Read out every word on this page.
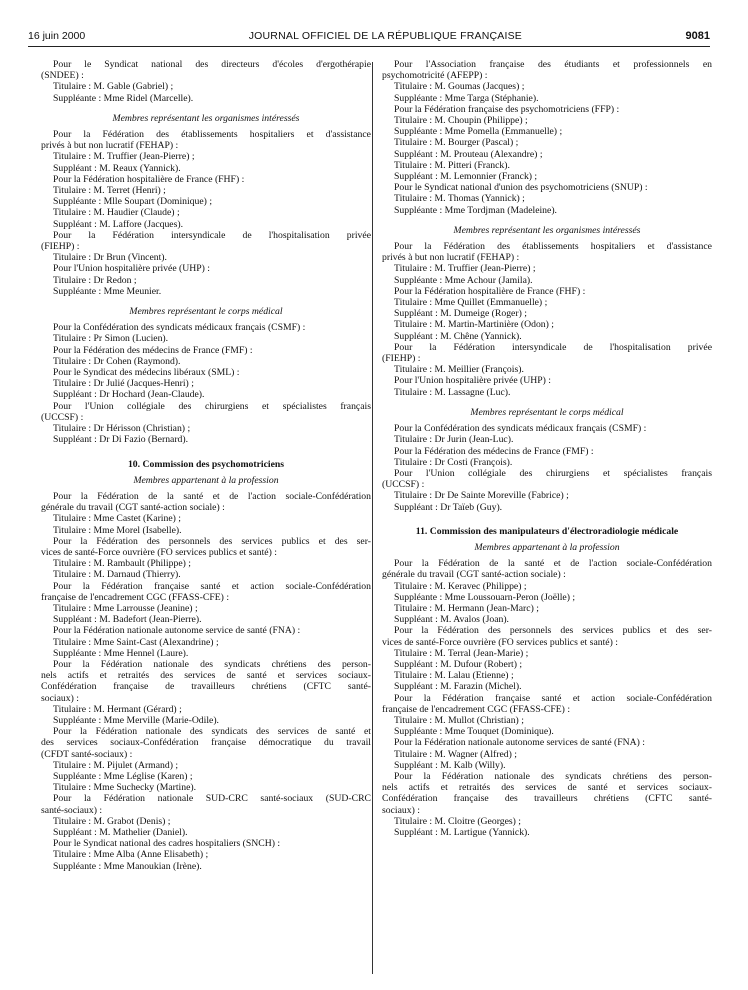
16 juin 2000	JOURNAL OFFICIEL DE LA RÉPUBLIQUE FRANÇAISE	9081
Pour le Syndicat national des directeurs d'écoles d'ergothérapie
(SNDEE) :
Titulaire : M. Gable (Gabriel) ;
Suppléante : Mme Ridel (Marcelle).
Membres représentant les organismes intéressés
Pour la Fédération des établissements hospitaliers et d'assistance
privés à but non lucratif (FEHAP) :
Titulaire : M. Truffier (Jean-Pierre) ;
Suppléant : M. Reaux (Yannick).
Pour la Fédération hospitalière de France (FHF) :
Titulaire : M. Terret (Henri) ;
Suppléante : Mlle Soupart (Dominique) ;
Titulaire : M. Haudier (Claude) ;
Suppléant : M. Laffore (Jacques).
Pour la Fédération intersyndicale de l'hospitalisation privée
(FIEHP) :
Titulaire : Dr Brun (Vincent).
Pour l'Union hospitalière privée (UHP) :
Titulaire : Dr Redon ;
Suppléante : Mme Meunier.
Membres représentant le corps médical
Pour la Confédération des syndicats médicaux français (CSMF) :
Titulaire : Pr Simon (Lucien).
Pour la Fédération des médecins de France (FMF) :
Titulaire : Dr Cohen (Raymond).
Pour le Syndicat des médecins libéraux (SML) :
Titulaire : Dr Julié (Jacques-Henri) ;
Suppléant : Dr Hochard (Jean-Claude).
Pour l'Union collégiale des chirurgiens et spécialistes français
(UCCSF) :
Titulaire : Dr Hérisson (Christian) ;
Suppléant : Dr Di Fazio (Bernard).
10. Commission des psychomotriciens
Membres appartenant à la profession
Pour la Fédération de la santé et de l'action sociale-Confédération
générale du travail (CGT santé-action sociale) :
Titulaire : Mme Castet (Karine) ;
Titulaire : Mme Morel (Isabelle).
Pour la Fédération des personnels des services publics et des ser-
vices de santé-Force ouvrière (FO services publics et santé) :
Titulaire : M. Rambault (Philippe) ;
Titulaire : M. Darnaud (Thierry).
Pour la Fédération française santé et action sociale-Confédération
française de l'encadrement CGC (FFASS-CFE) :
Titulaire : Mme Larrousse (Jeanine) ;
Suppléant : M. Badefort (Jean-Pierre).
Pour la Fédération nationale autonome service de santé (FNA) :
Titulaire : Mme Saint-Cast (Alexandrine) ;
Suppléante : Mme Hennel (Laure).
Pour la Fédération nationale des syndicats chrétiens des person-
nels actifs et retraités des services de santé et services sociaux-
Confédération française de travailleurs chrétiens (CFTC santé-
sociaux) :
Titulaire : M. Hermant (Gérard) ;
Suppléante : Mme Merville (Marie-Odile).
Pour la Fédération nationale des syndicats des services de santé et
des services sociaux-Confédération française démocratique du travail
(CFDT santé-sociaux) :
Titulaire : M. Pijulet (Armand) ;
Suppléante : Mme Léglise (Karen) ;
Titulaire : Mme Suchecky (Martine).
Pour la Fédération nationale SUD-CRC santé-sociaux (SUD-CRC
santé-sociaux) :
Titulaire : M. Grabot (Denis) ;
Suppléant : M. Mathelier (Daniel).
Pour le Syndicat national des cadres hospitaliers (SNCH) :
Titulaire : Mme Alba (Anne Elisabeth) ;
Suppléante : Mme Manoukian (Irène).
Pour l'Association française des étudiants et professionnels en
psychomotricité (AFEPP) :
Titulaire : M. Goumas (Jacques) ;
Suppléante : Mme Targa (Stéphanie).
Pour la Fédération française des psychomotriciens (FFP) :
Titulaire : M. Choupin (Philippe) ;
Suppléante : Mme Pomella (Emmanuelle) ;
Titulaire : M. Bourger (Pascal) ;
Suppléant : M. Prouteau (Alexandre) ;
Titulaire : M. Pitteri (Franck).
Suppléant : M. Lemonnier (Franck) ;
Pour le Syndicat national d'union des psychomotriciens (SNUP) :
Titulaire : M. Thomas (Yannick) ;
Suppléante : Mme Tordjman (Madeleine).
Membres représentant les organismes intéressés
Pour la Fédération des établissements hospitaliers et d'assistance
privés à but non lucratif (FEHAP) :
Titulaire : M. Truffier (Jean-Pierre) ;
Suppléante : Mme Achour (Jamila).
Pour la Fédération hospitalière de France (FHF) :
Titulaire : Mme Quillet (Emmanuelle) ;
Suppléant : M. Dumeige (Roger) ;
Titulaire : M. Martin-Martinière (Odon) ;
Suppléant : M. Chêne (Yannick).
Pour la Fédération intersyndicale de l'hospitalisation privée
(FIEHP) :
Titulaire : M. Meillier (François).
Pour l'Union hospitalière privée (UHP) :
Titulaire : M. Lassagne (Luc).
Membres représentant le corps médical
Pour la Confédération des syndicats médicaux français (CSMF) :
Titulaire : Dr Jurin (Jean-Luc).
Pour la Fédération des médecins de France (FMF) :
Titulaire : Dr Costi (François).
Pour l'Union collégiale des chirurgiens et spécialistes français
(UCCSF) :
Titulaire : Dr De Sainte Moreville (Fabrice) ;
Suppléant : Dr Taïeb (Guy).
11. Commission des manipulateurs d'électroradiologie médicale
Membres appartenant à la profession
Pour la Fédération de la santé et de l'action sociale-Confédération
générale du travail (CGT santé-action sociale) :
Titulaire : M. Keravec (Philippe) ;
Suppléante : Mme Loussouarn-Peron (Joëlle) ;
Titulaire : M. Hermann (Jean-Marc) ;
Suppléant : M. Avalos (Joan).
Pour la Fédération des personnels des services publics et des ser-
vices de santé-Force ouvrière (FO services publics et santé) :
Titulaire : M. Terral (Jean-Marie) ;
Suppléant : M. Dufour (Robert) ;
Titulaire : M. Lalau (Etienne) ;
Suppléant : M. Farazin (Michel).
Pour la Fédération française santé et action sociale-Confédération
française de l'encadrement CGC (FFASS-CFE) :
Titulaire : M. Mullot (Christian) ;
Suppléante : Mme Touquet (Dominique).
Pour la Fédération nationale autonome services de santé (FNA) :
Titulaire : M. Wagner (Alfred) ;
Suppléant : M. Kalb (Willy).
Pour la Fédération nationale des syndicats chrétiens des person-
nels actifs et retraités des services de santé et services sociaux-
Confédération française des travailleurs chrétiens (CFTC santé-
sociaux) :
Titulaire : M. Cloitre (Georges) ;
Suppléant : M. Lartigue (Yannick).
